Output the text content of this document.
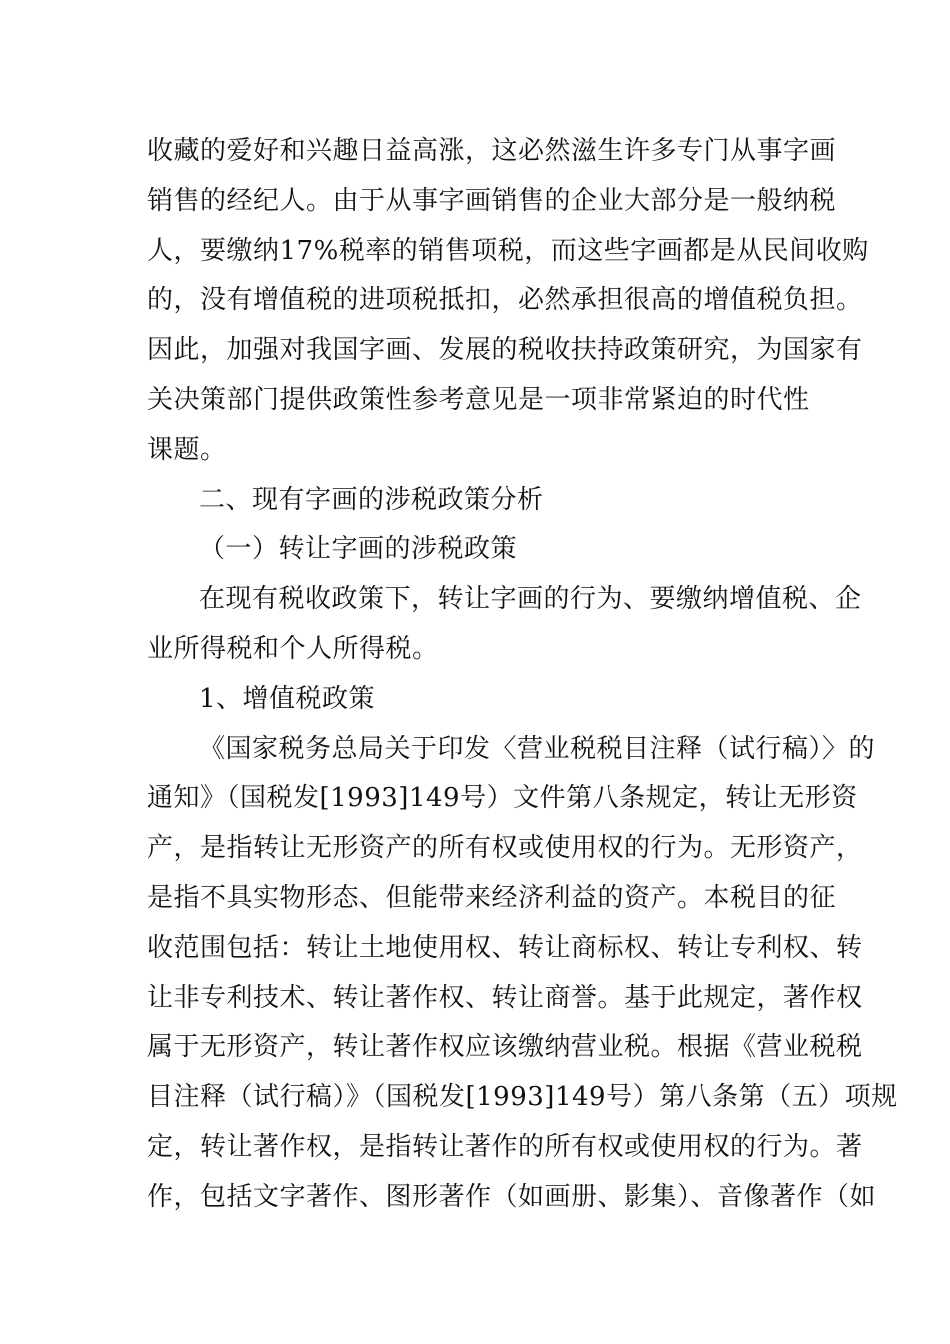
收藏的爱好和兴趣日益高涨，这必然滋生许多专门从事字画
销售的经纪人。由于从事字画销售的企业大部分是一般纳税
人，要缴纳17%税率的销售项税，而这些字画都是从民间收购
的，没有增值税的进项税抵扣，必然承担很高的增值税负担。
因此，加强对我国字画、发展的税收扶持政策研究，为国家有
关决策部门提供政策性参考意见是一项非常紧迫的时代性
课题。
二、现有字画的涉税政策分析
（一）转让字画的涉税政策
在现有税收政策下，转让字画的行为、要缴纳增值税、企
业所得税和个人所得税。
1、增值税政策
《国家税务总局关于印发〈营业税税目注释（试行稿）〉的
通知》（国税发[1993]149号）文件第八条规定，转让无形资
产，是指转让无形资产的所有权或使用权的行为。无形资产，
是指不具实物形态、但能带来经济利益的资产。本税目的征
收范围包括：转让土地使用权、转让商标权、转让专利权、转
让非专利技术、转让著作权、转让商誉。基于此规定，著作权
属于无形资产，转让著作权应该缴纳营业税。根据《营业税税
目注释（试行稿）》（国税发[1993]149号）第八条第（五）项规
定，转让著作权，是指转让著作的所有权或使用权的行为。著
作，包括文字著作、图形著作（如画册、影集）、音像著作（如
